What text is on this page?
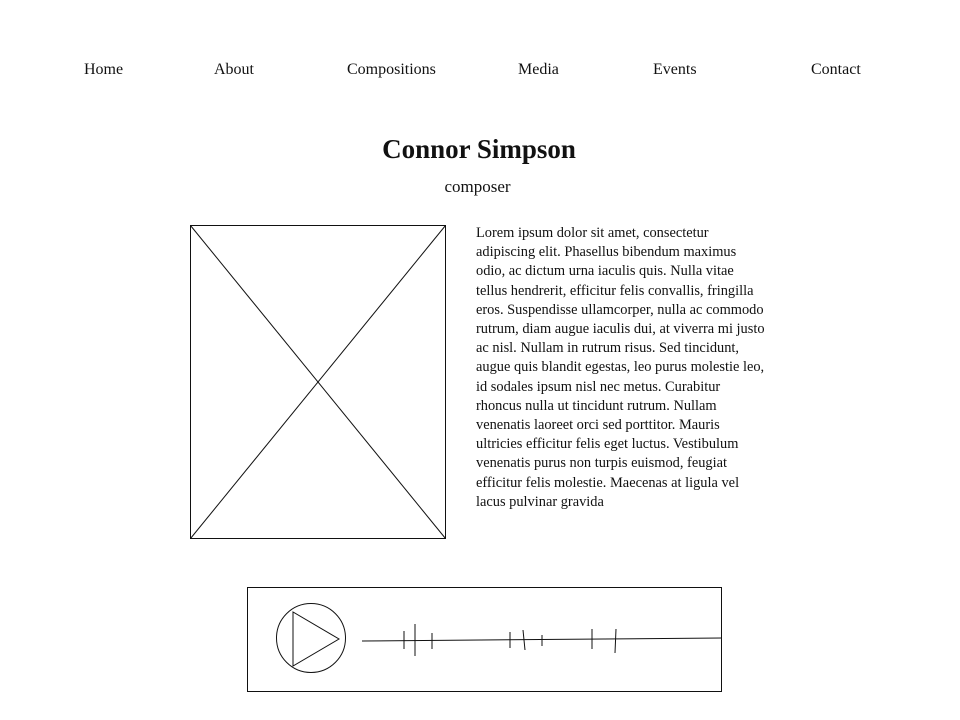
Home	About	Compositions	Media	Events	Contact
Connor Simpson
composer

Lorem ipsum dolor sit amet, consectetur adipiscing elit. Phasellus bibendum maximus odio, ac dictum urna iaculis quis. Nulla vitae tellus hendrerit, efficitur felis convallis, fringilla eros. Suspendisse ullamcorper, nulla ac commodo rutrum, diam augue iaculis dui, at viverra mi justo ac nisl. Nullam in rutrum risus. Sed tincidunt, augue quis blandit egestas, leo purus molestie leo, id sodales ipsum nisl nec metus. Curabitur rhoncus nulla ut tincidunt rutrum. Nullam venenatis laoreet orci sed porttitor. Mauris ultricies efficitur felis eget luctus. Vestibulum venenatis purus non turpis euismod, feugiat efficitur felis molestie. Maecenas at ligula vel lacus pulvinar gravida
